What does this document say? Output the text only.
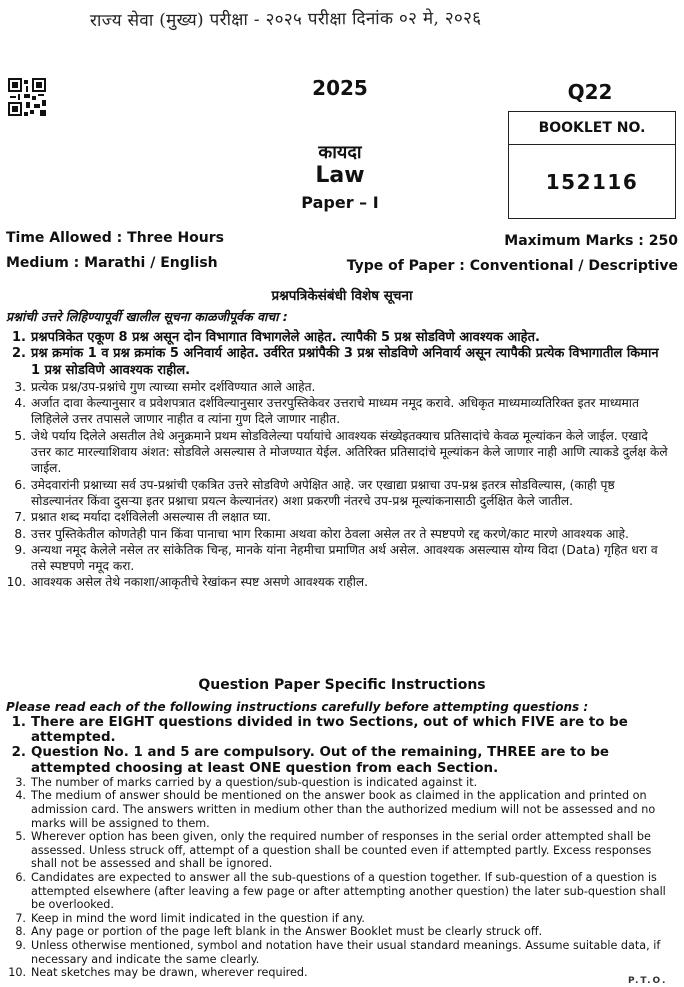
राज्य सेवा (मुख्य) परीक्षा - २०२५ परीक्षा दिनांक ०२ मे, २०२६
2025
कायदा
Law
Paper – I
Q22
BOOKLET NO.
152116
Time Allowed : Three Hours
Medium : Marathi / English
Maximum Marks : 250
Type of Paper : Conventional / Descriptive
प्रश्नपत्रिकेसंबंधी विशेष सूचना
प्रश्नांची उत्तरे लिहिण्यापूर्वी खालील सूचना काळजीपूर्वक वाचा :
1. प्रश्नपत्रिकेत एकूण 8 प्रश्न असून दोन विभागात विभागलेले आहेत. त्यापैकी 5 प्रश्न सोडविणे आवश्यक आहेत.
2. प्रश्न क्रमांक 1 व प्रश्न क्रमांक 5 अनिवार्य आहेत. उर्वरित प्रश्नांपैकी 3 प्रश्न सोडविणे अनिवार्य असून त्यापैकी प्रत्येक विभागातील किमान 1 प्रश्न सोडविणे आवश्यक राहील.
3. प्रत्येक प्रश्न/उप-प्रश्नांचे गुण त्याच्या समोर दर्शविण्यात आले आहेत.
4. अर्जात दावा केल्यानुसार व प्रवेशपत्रात दर्शविल्यानुसार उत्तरपुस्तिकेवर उत्तराचे माध्यम नमूद करावे. अधिकृत माध्यमाव्यतिरिक्त इतर माध्यमात लिहिलेले उत्तर तपासले जाणार नाहीत व त्यांना गुण दिले जाणार नाहीत.
5. जेथे पर्याय दिलेले असतील तेथे अनुक्रमाने प्रथम सोडविलेल्या पर्यायांचे आवश्यक संख्येइतक्याच प्रतिसादांचे केवळ मूल्यांकन केले जाईल. एखादे उत्तर काट मारल्याशिवाय अंशत: सोडविले असल्यास ते मोजण्यात येईल. अतिरिक्त प्रतिसादांचे मूल्यांकन केले जाणार नाही आणि त्याकडे दुर्लक्ष केले जाईल.
6. उमेदवारांनी प्रश्नाच्या सर्व उप-प्रश्नांची एकत्रित उत्तरे सोडविणे अपेक्षित आहे. जर एखाद्या प्रश्नाचा उप-प्रश्न इतरत्र सोडविल्यास, (काही पृष्ठ सोडल्यानंतर किंवा दुसऱ्या इतर प्रश्नाचा प्रयत्न केल्यानंतर) अशा प्रकरणी नंतरचे उप-प्रश्न मूल्यांकनासाठी दुर्लक्षित केले जातील.
7. प्रश्नात शब्द मर्यादा दर्शविलेली असल्यास ती लक्षात घ्या.
8. उत्तर पुस्तिकेतील कोणतेही पान किंवा पानाचा भाग रिकामा अथवा कोरा ठेवला असेल तर ते स्पष्टपणे रद्द करणे/काट मारणे आवश्यक आहे.
9. अन्यथा नमूद केलेले नसेल तर सांकेतिक चिन्ह, मानके यांना नेहमीचा प्रमाणित अर्थ असेल. आवश्यक असल्यास योग्य विदा (Data) गृहित धरा व तसे स्पष्टपणे नमूद करा.
10. आवश्यक असेल तेथे नकाशा/आकृतीचे रेखांकन स्पष्ट असणे आवश्यक राहील.
Question Paper Specific Instructions
Please read each of the following instructions carefully before attempting questions :
1. There are EIGHT questions divided in two Sections, out of which FIVE are to be attempted.
2. Question No. 1 and 5 are compulsory. Out of the remaining, THREE are to be attempted choosing at least ONE question from each Section.
3. The number of marks carried by a question/sub-question is indicated against it.
4. The medium of answer should be mentioned on the answer book as claimed in the application and printed on admission card. The answers written in medium other than the authorized medium will not be assessed and no marks will be assigned to them.
5. Wherever option has been given, only the required number of responses in the serial order attempted shall be assessed. Unless struck off, attempt of a question shall be counted even if attempted partly. Excess responses shall not be assessed and shall be ignored.
6. Candidates are expected to answer all the sub-questions of a question together. If sub-question of a question is attempted elsewhere (after leaving a few page or after attempting another question) the later sub-question shall be overlooked.
7. Keep in mind the word limit indicated in the question if any.
8. Any page or portion of the page left blank in the Answer Booklet must be clearly struck off.
9. Unless otherwise mentioned, symbol and notation have their usual standard meanings. Assume suitable data, if necessary and indicate the same clearly.
10. Neat sketches may be drawn, wherever required.
P.T.O.
